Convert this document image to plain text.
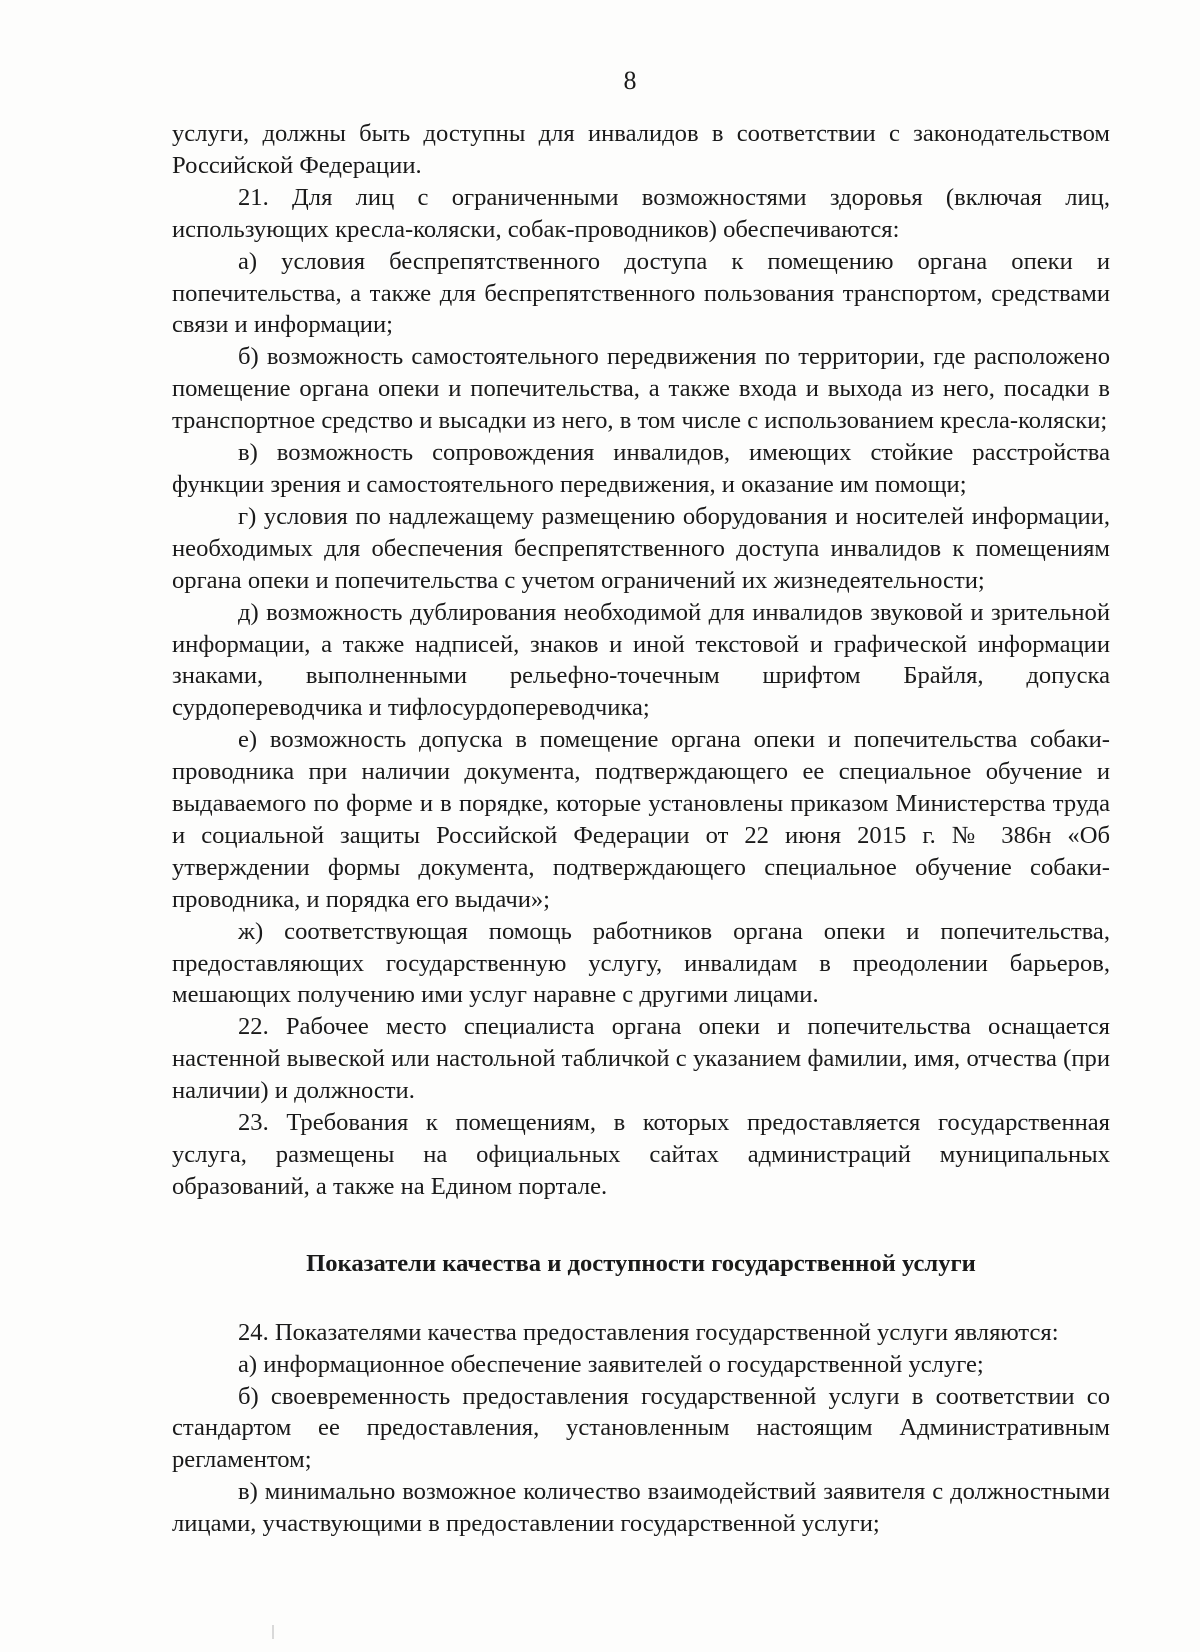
8

услуги, должны быть доступны для инвалидов в соответствии с законодательством Российской Федерации.

21. Для лиц с ограниченными возможностями здоровья (включая лиц, использующих кресла-коляски, собак-проводников) обеспечиваются:

а) условия беспрепятственного доступа к помещению органа опеки и попечительства, а также для беспрепятственного пользования транспортом, средствами связи и информации;

б) возможность самостоятельного передвижения по территории, где расположено помещение органа опеки и попечительства, а также входа и выхода из него, посадки в транспортное средство и высадки из него, в том числе с использованием кресла-коляски;

в) возможность сопровождения инвалидов, имеющих стойкие расстройства функции зрения и самостоятельного передвижения, и оказание им помощи;

г) условия по надлежащему размещению оборудования и носителей информации, необходимых для обеспечения беспрепятственного доступа инвалидов к помещениям органа опеки и попечительства с учетом ограничений их жизнедеятельности;

д) возможность дублирования необходимой для инвалидов звуковой и зрительной информации, а также надписей, знаков и иной текстовой и графической информации знаками, выполненными рельефно-точечным шрифтом Брайля, допуска сурдопереводчика и тифлосурдопереводчика;

е) возможность допуска в помещение органа опеки и попечительства собаки-проводника при наличии документа, подтверждающего ее специальное обучение и выдаваемого по форме и в порядке, которые установлены приказом Министерства труда и социальной защиты Российской Федерации от 22 июня 2015 г. № 386н «Об утверждении формы документа, подтверждающего специальное обучение собаки-проводника, и порядка его выдачи»;

ж) соответствующая помощь работников органа опеки и попечительства, предоставляющих государственную услугу, инвалидам в преодолении барьеров, мешающих получению ими услуг наравне с другими лицами.

22. Рабочее место специалиста органа опеки и попечительства оснащается настенной вывеской или настольной табличкой с указанием фамилии, имя, отчества (при наличии) и должности.

23. Требования к помещениям, в которых предоставляется государственная услуга, размещены на официальных сайтах администраций муниципальных образований, а также на Едином портале.

Показатели качества и доступности государственной услуги

24. Показателями качества предоставления государственной услуги являются:

а) информационное обеспечение заявителей о государственной услуге;

б) своевременность предоставления государственной услуги в соответствии со стандартом ее предоставления, установленным настоящим Административным регламентом;

в) минимально возможное количество взаимодействий заявителя с должностными лицами, участвующими в предоставлении государственной услуги;
